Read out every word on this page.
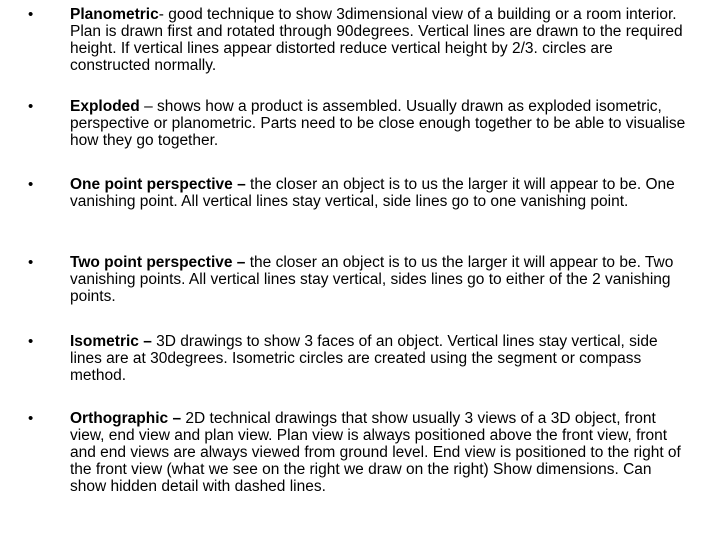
• Planometric- good technique to show 3dimensional view of a building or a room interior. Plan is drawn first and rotated through 90degrees. Vertical lines are drawn to the required height. If vertical lines appear distorted reduce vertical height by 2/3. circles are constructed normally.
• Exploded – shows how a product is assembled. Usually drawn as exploded isometric, perspective or planometric. Parts need to be close enough together to be able to visualise how they go together.
• One point perspective – the closer an object is to us the larger it will appear to be. One vanishing point. All vertical lines stay vertical, side lines go to one vanishing point.
• Two point perspective – the closer an object is to us the larger it will appear to be. Two vanishing points. All vertical lines stay vertical, sides lines go to either of the 2 vanishing points.
• Isometric – 3D drawings to show 3 faces of an object. Vertical lines stay vertical, side lines are at 30degrees. Isometric circles are created using the segment or compass method.
• Orthographic – 2D technical drawings that show usually 3 views of a 3D object, front view, end view and plan view. Plan view is always positioned above the front view, front and end views are always viewed from ground level. End view is positioned to the right of the front view (what we see on the right we draw on the right) Show dimensions. Can show hidden detail with dashed lines.
